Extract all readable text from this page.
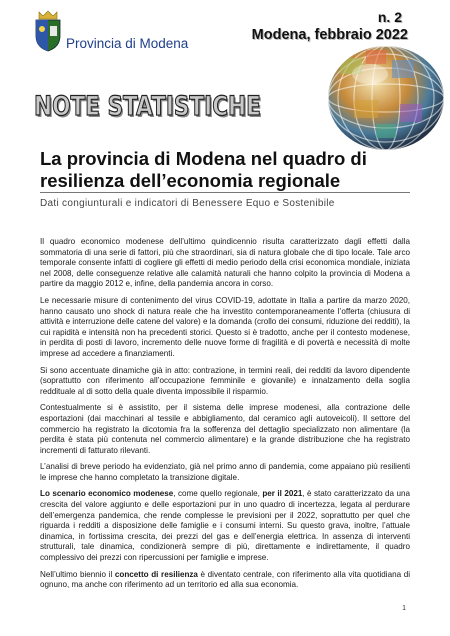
Provincia di Modena
n. 2
Modena, febbraio 2022
NOTE STATISTICHE
La provincia di Modena nel quadro di resilienza dell’economia regionale
Dati congiunturali e indicatori di Benessere Equo e Sostenibile

Il quadro economico modenese dell’ultimo quindicennio risulta caratterizzato dagli effetti dalla sommatoria di una serie di fattori, più che straordinari, sia di natura globale che di tipo locale. Tale arco temporale consente infatti di cogliere gli effetti di medio periodo della crisi economica mondiale, iniziata nel 2008, delle conseguenze relative alle calamità naturali che hanno colpito la provincia di Modena a partire da maggio 2012 e, infine, della pandemia ancora in corso.

Le necessarie misure di contenimento del virus COVID-19, adottate in Italia a partire da marzo 2020, hanno causato uno shock di natura reale che ha investito contemporaneamente l’offerta (chiusura di attività e interruzione delle catene del valore) e la domanda (crollo dei consumi, riduzione dei redditi), la cui rapidità e intensità non ha precedenti storici. Questo si è tradotto, anche per il contesto modenese, in perdita di posti di lavoro, incremento delle nuove forme di fragilità e di povertà e necessità di molte imprese ad accedere a finanziamenti.

Si sono accentuate dinamiche già in atto: contrazione, in termini reali, dei redditi da lavoro dipendente (soprattutto con riferimento all’occupazione femminile e giovanile) e innalzamento della soglia reddituale al di sotto della quale diventa impossibile il risparmio.

Contestualmente si è assistito, per il sistema delle imprese modenesi, alla contrazione delle esportazioni (dai macchinari al tessile e abbigliamento, dal ceramico agli autoveicoli). Il settore del commercio ha registrato la dicotomia fra la sofferenza del dettaglio specializzato non alimentare (la perdita è stata più contenuta nel commercio alimentare) e la grande distribuzione che ha registrato incrementi di fatturato rilevanti.

L’analisi di breve periodo ha evidenziato, già nel primo anno di pandemia, come appaiano più resilienti le imprese che hanno completato la transizione digitale.

Lo scenario economico modenese, come quello regionale, per il 2021, è stato caratterizzato da una crescita del valore aggiunto e delle esportazioni pur in uno quadro di incertezza, legata al perdurare dell’emergenza pandemica, che rende complesse le previsioni per il 2022, soprattutto per quel che riguarda i redditi a disposizione delle famiglie e i consumi interni. Su questo grava, inoltre, l’attuale dinamica, in fortissima crescita, dei prezzi del gas e dell’energia elettrica. In assenza di interventi strutturali, tale dinamica, condizionerà sempre di più, direttamente e indirettamente, il quadro complessivo dei prezzi con ripercussioni per famiglie e imprese.

Nell’ultimo biennio il concetto di resilienza è diventato centrale, con riferimento alla vita quotidiana di ognuno, ma anche con riferimento ad un territorio ed alla sua economia.

1
